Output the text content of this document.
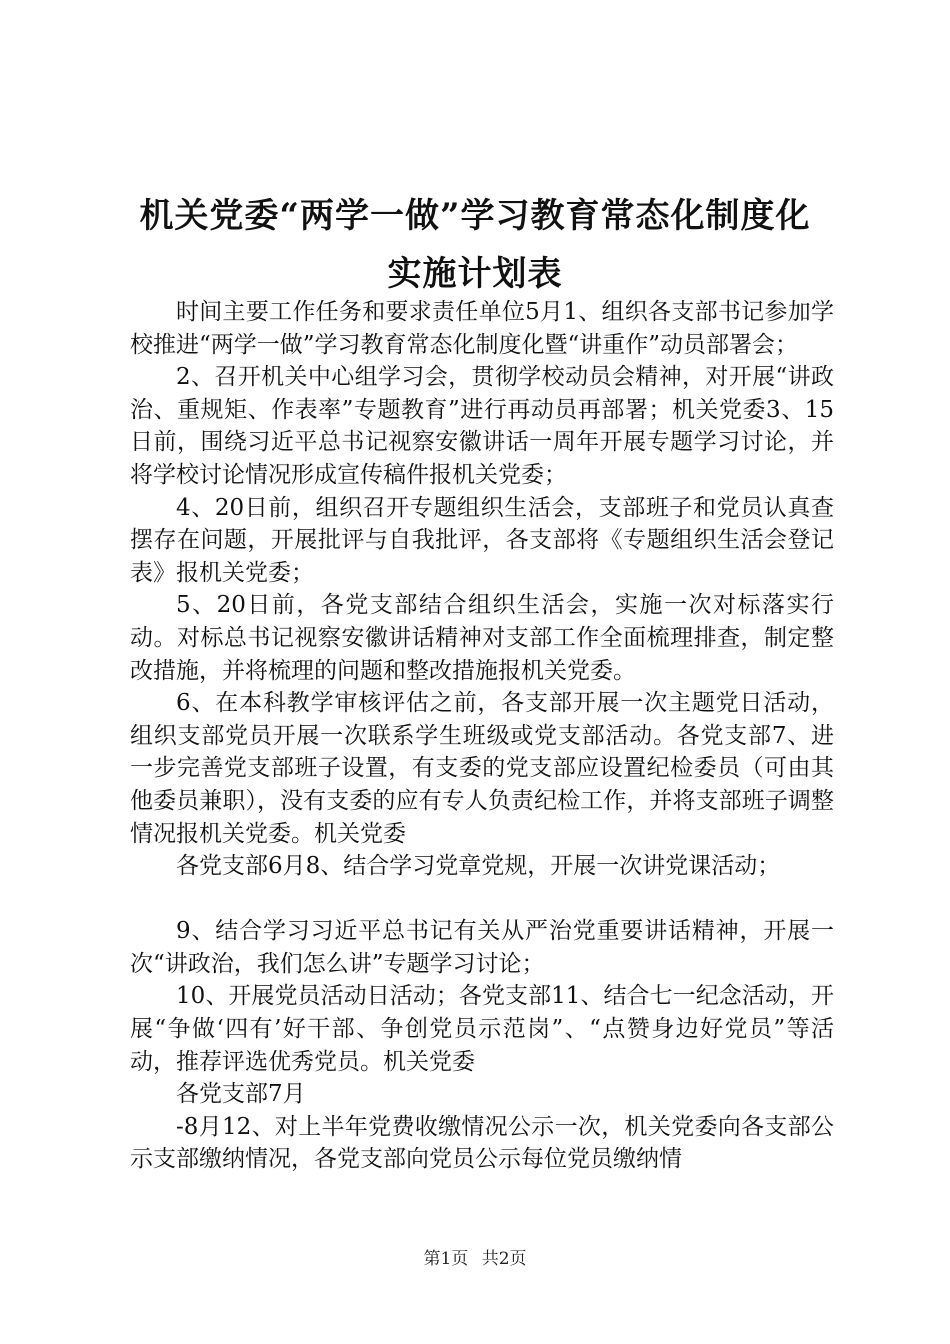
机关党委“两学一做”学习教育常态化制度化
实施计划表

时间主要工作任务和要求责任单位5月1、组织各支部书记参加学校推进“两学一做”学习教育常态化制度化暨“讲重作”动员部署会；

2、召开机关中心组学习会，贯彻学校动员会精神，对开展“讲政治、重规矩、作表率”专题教育”进行再动员再部署；机关党委3、15日前，围绕习近平总书记视察安徽讲话一周年开展专题学习讨论，并将学校讨论情况形成宣传稿件报机关党委；

4、20日前，组织召开专题组织生活会，支部班子和党员认真查摆存在问题，开展批评与自我批评，各支部将《专题组织生活会登记表》报机关党委；

5、20日前，各党支部结合组织生活会，实施一次对标落实行动。对标总书记视察安徽讲话精神对支部工作全面梳理排查，制定整改措施，并将梳理的问题和整改措施报机关党委。

6、在本科教学审核评估之前，各支部开展一次主题党日活动，组织支部党员开展一次联系学生班级或党支部活动。各党支部7、进一步完善党支部班子设置，有支委的党支部应设置纪检委员（可由其他委员兼职），没有支委的应有专人负责纪检工作，并将支部班子调整情况报机关党委。机关党委

各党支部6月8、结合学习党章党规，开展一次讲党课活动；

9、结合学习习近平总书记有关从严治党重要讲话精神，开展一次“讲政治，我们怎么讲”专题学习讨论；

10、开展党员活动日活动；各党支部11、结合七一纪念活动，开展“争做‘四有’好干部、争创党员示范岗”、“点赞身边好党员”等活动，推荐评选优秀党员。机关党委

各党支部7月

-8月12、对上半年党费收缴情况公示一次，机关党委向各支部公示支部缴纳情况，各党支部向党员公示每位党员缴纳情

第1页 共2页
